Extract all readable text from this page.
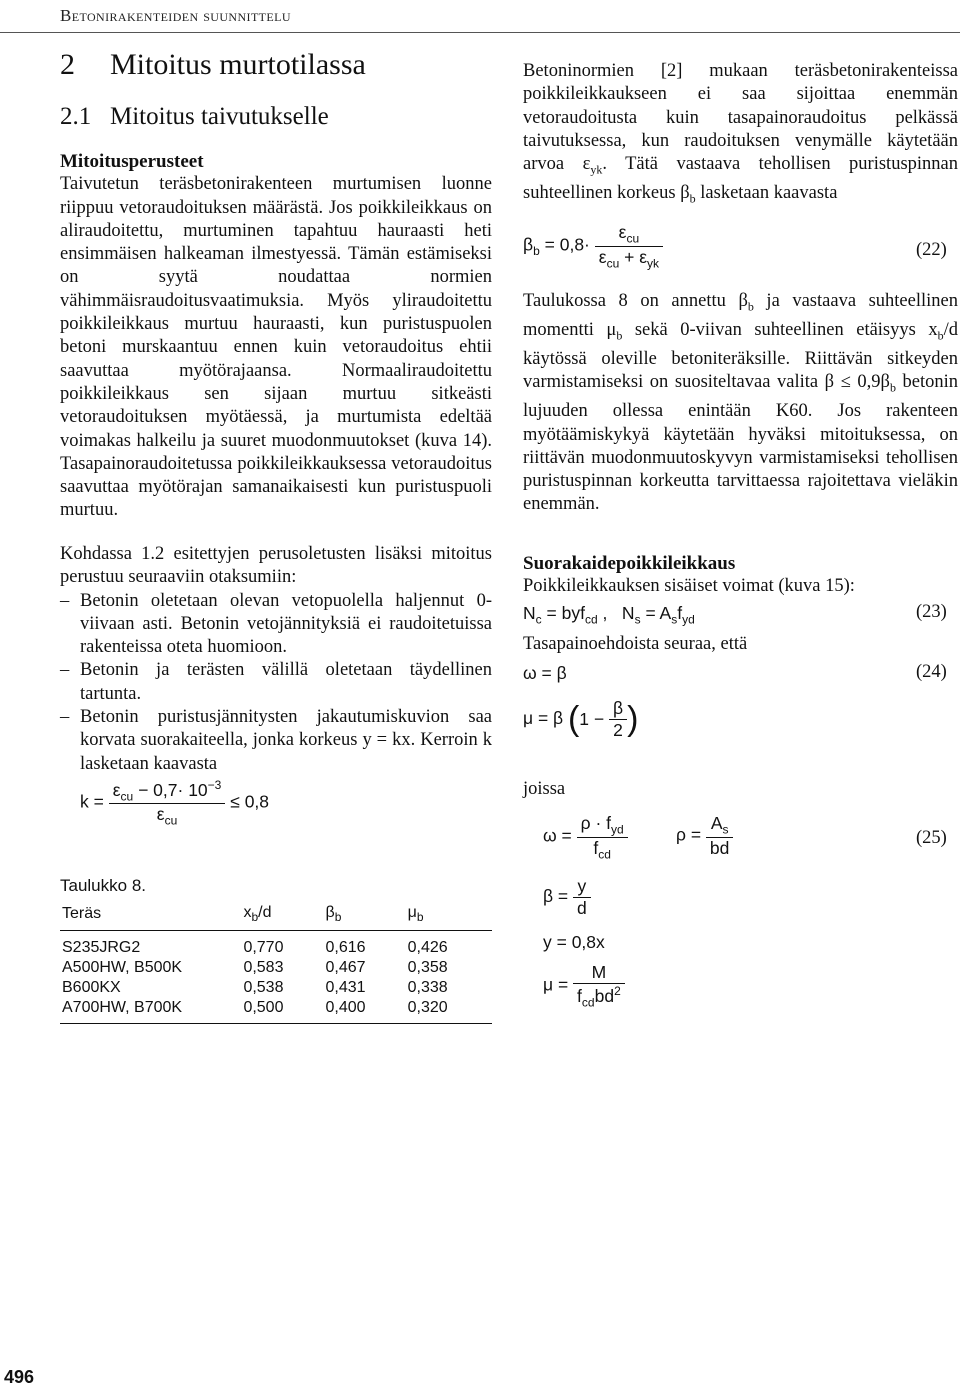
Betonirakenteiden suunnittelu
2 Mitoitus murtotilassa
2.1 Mitoitus taivutukselle
Mitoitusperusteet

Taivutetun teräsbetonirakenteen murtumisen luonne riippuu vetoraudoituksen määrästä. Jos poikkileikkaus on aliraudoitettu, murtuminen tapahtuu hauraasti heti ensimmäisen halkeaman ilmestyessä. Tämän estämiseksi on syytä noudattaa normien vähimmäisraudoitusvaatimuksia. Myös yliraudoitettu poikkileikkaus murtuu hauraasti, kun puristuspuolen betoni murskaantuu ennen kuin vetoraudoitus ehtii saavuttaa myötörajaansa. Normaaliraudoitettu poikkileikkaus sen sijaan murtuu sitkeästi vetoraudoituksen myötäessä, ja murtumista edeltää voimakas halkeilu ja suuret muodonmuutokset (kuva 14). Tasapainoraudoitetussa poikkileikkauksessa vetoraudoitus saavuttaa myötörajan samanaikaisesti kun puristuspuoli murtuu.

Kohdassa 1.2 esitettyjen perusoletusten lisäksi mitoitus perustuu seuraaviin otaksumiin:

– Betonin oletetaan olevan vetopuolella haljennut 0-viivaan asti. Betonin vetojännityksiä ei raudoitetuissa rakenteissa oteta huomioon.
– Betonin ja terästen välillä oletetaan täydellinen tartunta.
– Betonin puristusjännitysten jakautumiskuvion saa korvata suorakaiteella, jonka korkeus y = kx. Kerroin k lasketaan kaavasta
$k = \frac{\varepsilon_{cu} - 0,7\cdot 10^{-3}}{\varepsilon_{cu}} \le 0,8$
Taulukko 8.
Teräs	$x_b/d$	$\beta_b$	$\mu_b$
S235JRG2	0,770	0,616	0,426
A500HW, B500K	0,583	0,467	0,358
B600KX	0,538	0,431	0,338
A700HW, B700K	0,500	0,400	0,320

Betoninormien [2] mukaan teräsbetonirakenteissa poikkileikkaukseen ei saa sijoittaa enemmän vetoraudoitusta kuin tasapainoraudoitus pelkässä taivutuksessa, kun raudoituksen venymälle käytetään arvoa $\varepsilon_{yk}$. Tätä vastaava tehollisen puristuspinnan suhteellinen korkeus $\beta_b$ lasketaan kaavasta

$\beta_b = 0,8\cdot \frac{\varepsilon_{cu}}{\varepsilon_{cu} + \varepsilon_{yk}}$	(22)

Taulukossa 8 on annettu $\beta_b$ ja vastaava suhteellinen momentti $\mu_b$ sekä 0-viivan suhteellinen etäisyys $x_b/d$ käytössä oleville betoniteräksille. Riittävän sitkeyden varmistamiseksi on suositeltavaa valita $\beta \le 0,9\beta_b$ betonin lujuuden ollessa enintään K60. Jos rakenteen myötäämiskykyä käytetään hyväksi mitoituksessa, on riittävän muodonmuutoskyvyn varmistamiseksi tehollisen puristuspinnan korkeutta tarvittaessa rajoitettava vieläkin enemmän.

Suorakaidepoikkileikkaus

Poikkileikkauksen sisäiset voimat (kuva 15):

$N_c = byf_{cd}$ ,   $N_s = A_sf_{yd}$	(23)

Tasapainoehdoista seuraa, että

ω = β	(24)
μ = β ($1 - \frac{\beta}{2}$ )

joissa

$\omega = \frac{\rho \cdot f_{yd}}{f_{cd}}$	$\rho = \frac{A_s}{bd}$	(25)
$\beta = \frac{y}{d}$
y = 0,8x
$\mu = \frac{M}{f_{cd}bd^2}$
496
